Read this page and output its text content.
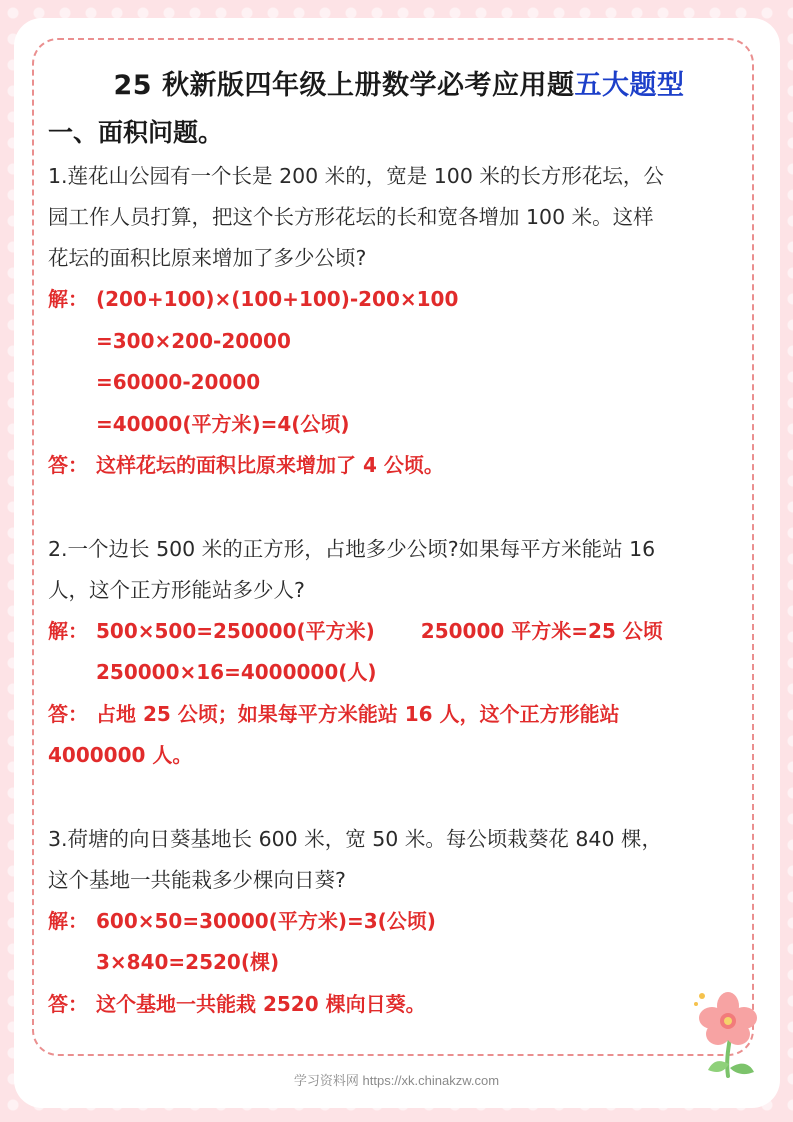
25 秋新版四年级上册数学必考应用题五大题型
一、面积问题。
1.莲花山公园有一个长是 200 米的，宽是 100 米的长方形花坛，公
园工作人员打算，把这个长方形花坛的长和宽各增加 100 米。这样
花坛的面积比原来增加了多少公顷?
解： (200+100)×(100+100)-200×100
=300×200-20000
=60000-20000
=40000(平方米)=4(公顷)
答： 这样花坛的面积比原来增加了 4 公顷。
2.一个边长 500 米的正方形，占地多少公顷?如果每平方米能站 16
人，这个正方形能站多少人?
解： 500×500=250000(平方米) 250000 平方米=25 公顷
250000×16=4000000(人)
答： 占地 25 公顷；如果每平方米能站 16 人，这个正方形能站
4000000 人。
3.荷塘的向日葵基地长 600 米，宽 50 米。每公顷栽葵花 840 棵，
这个基地一共能栽多少棵向日葵?
解： 600×50=30000(平方米)=3(公顷)
3×840=2520(棵)
答： 这个基地一共能栽 2520 棵向日葵。
学习资料网 https://xk.chinakzw.com
